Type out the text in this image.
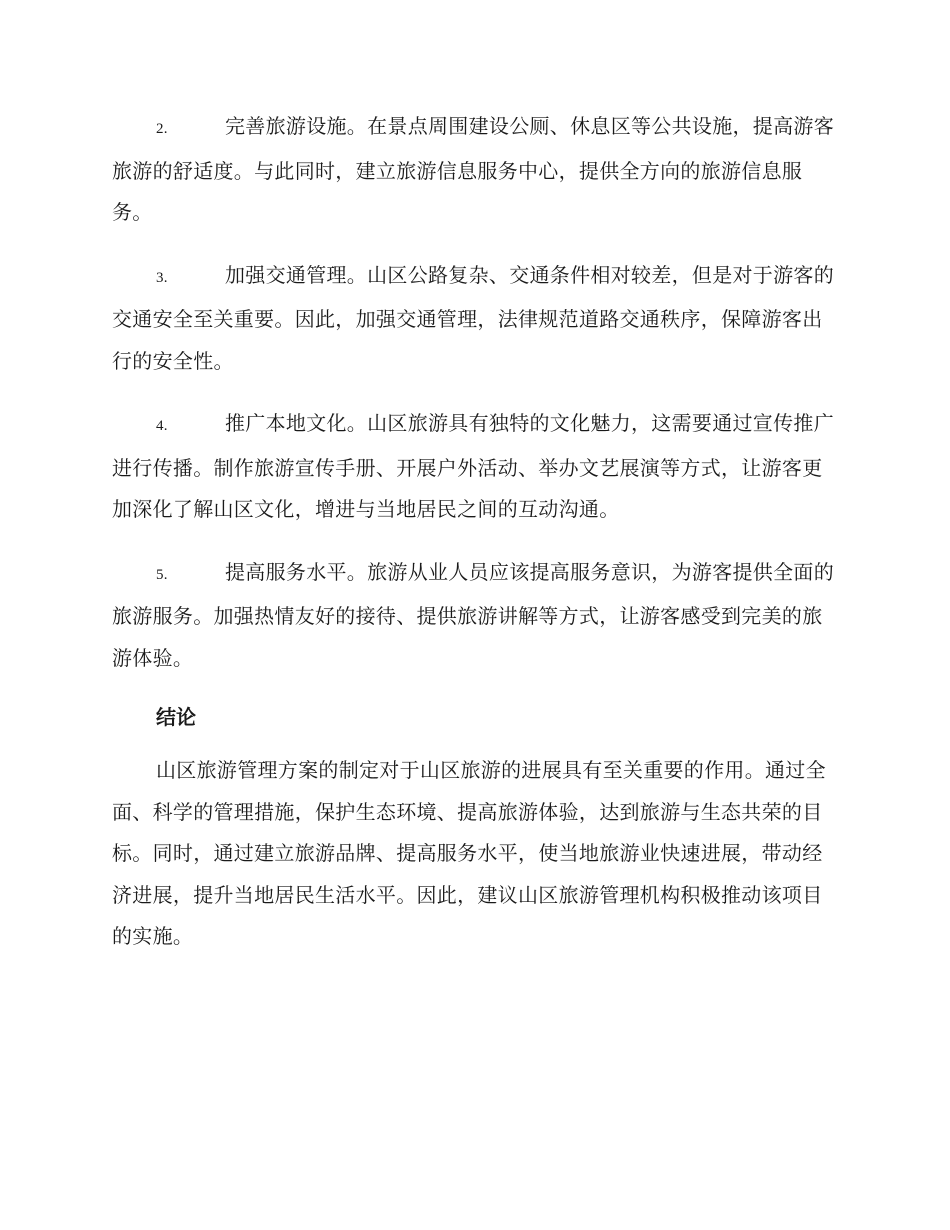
2.	完善旅游设施。在景点周围建设公厕、休息区等公共设施，提高游客旅游的舒适度。与此同时，建立旅游信息服务中心，提供全方向的旅游信息服务。

3.	加强交通管理。山区公路复杂、交通条件相对较差，但是对于游客的交通安全至关重要。因此，加强交通管理，法律规范道路交通秩序，保障游客出行的安全性。

4.	推广本地文化。山区旅游具有独特的文化魅力，这需要通过宣传推广进行传播。制作旅游宣传手册、开展户外活动、举办文艺展演等方式，让游客更加深化了解山区文化，增进与当地居民之间的互动沟通。

5.	提高服务水平。旅游从业人员应该提高服务意识，为游客提供全面的旅游服务。加强热情友好的接待、提供旅游讲解等方式，让游客感受到完美的旅游体验。

结论

山区旅游管理方案的制定对于山区旅游的进展具有至关重要的作用。通过全面、科学的管理措施，保护生态环境、提高旅游体验，达到旅游与生态共荣的目标。同时，通过建立旅游品牌、提高服务水平，使当地旅游业快速进展，带动经济进展，提升当地居民生活水平。因此，建议山区旅游管理机构积极推动该项目的实施。
